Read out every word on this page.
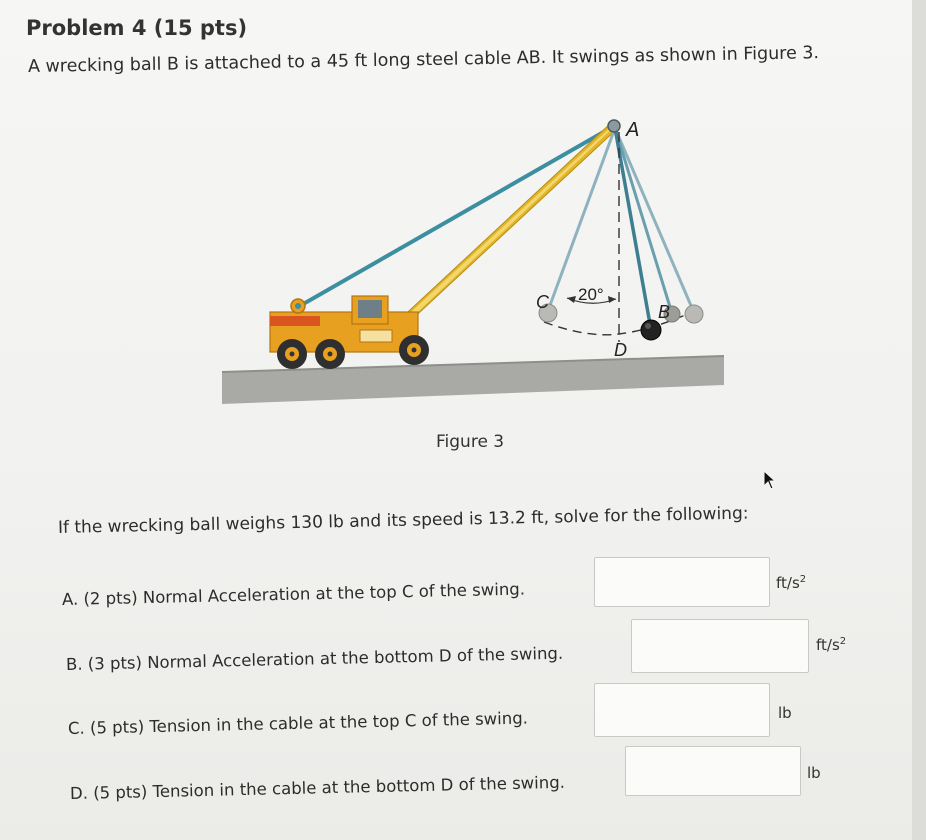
Problem 4 (15 pts)
A wrecking ball B is attached to a 45 ft long steel cable AB. It swings as shown in Figure 3.
A
B
C
D
20°
Figure 3
If the wrecking ball weighs 130 lb and its speed is 13.2 ft, solve for the following:
A. (2 pts) Normal Acceleration at the top C of the swing.	$ft/s^2$
B. (3 pts) Normal Acceleration at the bottom D of the swing.	$ft/s^2$
C. (5 pts) Tension in the cable at the top C of the swing.	lb
D. (5 pts) Tension in the cable at the bottom D of the swing.	lb
